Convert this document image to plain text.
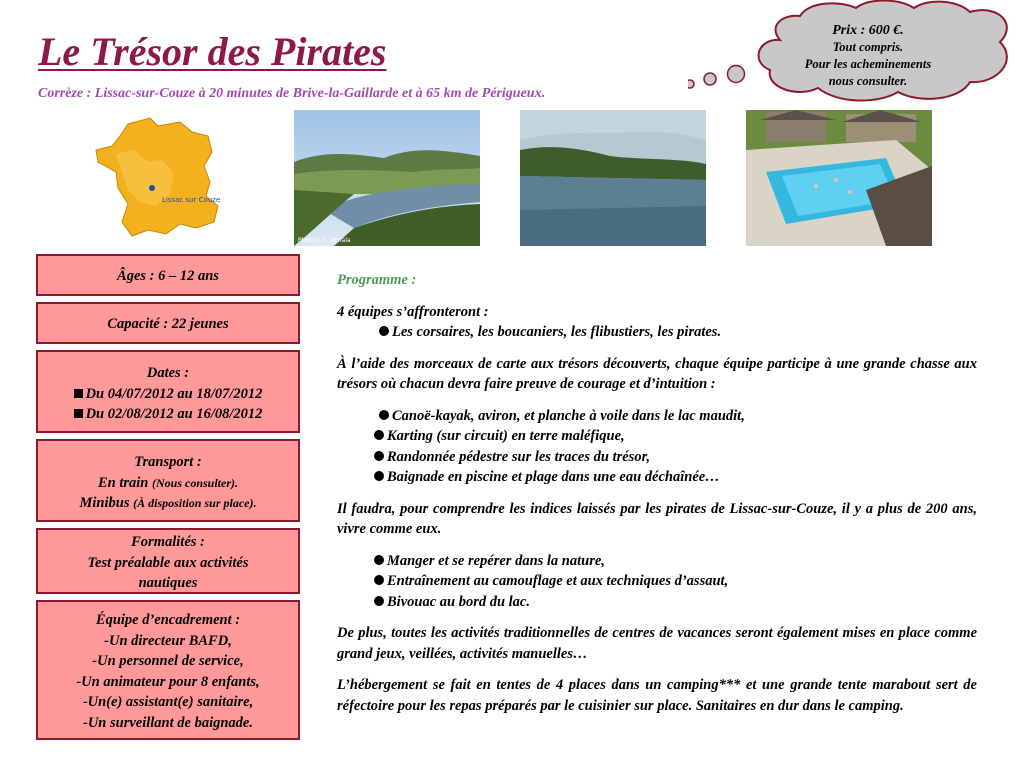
Le Trésor des Pirates
Corrèze : Lissac-sur-Couze à 20 minutes de Brive-la-Gaillarde et à 65 km de Périgueux.
Prix : 600 €.
Tout compris.
Pour les acheminements
nous consulter.
Lissac sur Couze
Photo J.-C. Minala
Âges : 6 – 12 ans
Capacité : 22 jeunes
Dates :
Du 04/07/2012 au 18/07/2012
Du 02/08/2012 au 16/08/2012
Transport :
En train (Nous consulter).
Minibus (À disposition sur place).
Formalités :
Test préalable aux activités nautiques
Équipe d’encadrement :
-Un directeur BAFD,
-Un personnel de service,
-Un animateur pour 8 enfants,
-Un(e) assistant(e) sanitaire,
-Un surveillant de baignade.

Programme :

4 équipes s’affronteront :
Les corsaires, les boucaniers, les flibustiers, les pirates.

À l’aide des morceaux de carte aux trésors découverts, chaque équipe participe à une grande chasse aux trésors où chacun devra faire preuve de courage et d’intuition :

Canoë-kayak, aviron, et planche à voile dans le lac maudit,
Karting (sur circuit) en terre maléfique,
Randonnée pédestre sur les traces du trésor,
Baignade en piscine et plage dans une eau déchaînée…

Il faudra, pour comprendre les indices laissés par les pirates de Lissac-sur-Couze, il y a plus de 200 ans, vivre comme eux.

Manger et se repérer dans la nature,
Entraînement au camouflage et aux techniques d’assaut,
Bivouac au bord du lac.

De plus, toutes les activités traditionnelles de centres de vacances seront également mises en place comme grand jeux, veillées, activités manuelles…

L’hébergement se fait en tentes de 4 places dans un camping*** et une grande tente marabout sert de réfectoire pour les repas préparés par le cuisinier sur place. Sanitaires en dur dans le camping.
